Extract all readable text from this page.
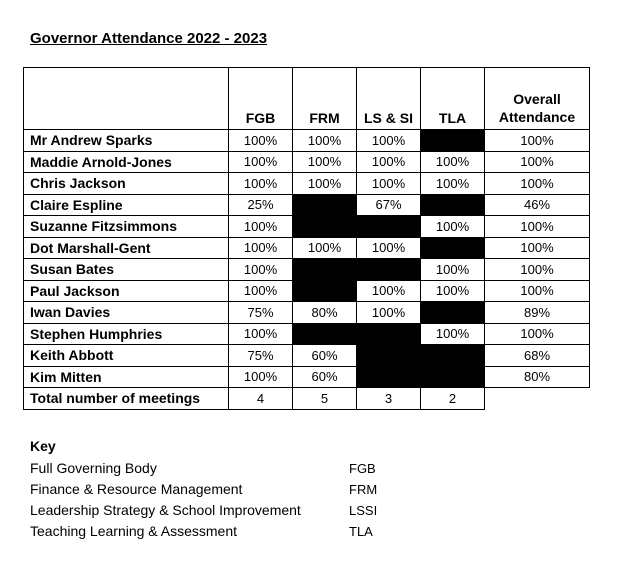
Governor Attendance 2022 - 2023
	FGB	FRM	LS & SI	TLA	Overall Attendance
Mr Andrew Sparks	100%	100%	100%		100%
Maddie Arnold-Jones	100%	100%	100%	100%	100%
Chris Jackson	100%	100%	100%	100%	100%
Claire Espline	25%		67%		46%
Suzanne Fitzsimmons	100%			100%	100%
Dot Marshall-Gent	100%	100%	100%		100%
Susan Bates	100%			100%	100%
Paul Jackson	100%		100%	100%	100%
Iwan Davies	75%	80%	100%		89%
Stephen Humphries	100%			100%	100%
Keith Abbott	75%	60%			68%
Kim Mitten	100%	60%			80%
Total number of meetings	4	5	3	2	
Key
Full Governing Body	FGB
Finance & Resource Management	FRM
Leadership Strategy & School Improvement	LSSI
Teaching Learning & Assessment	TLA
